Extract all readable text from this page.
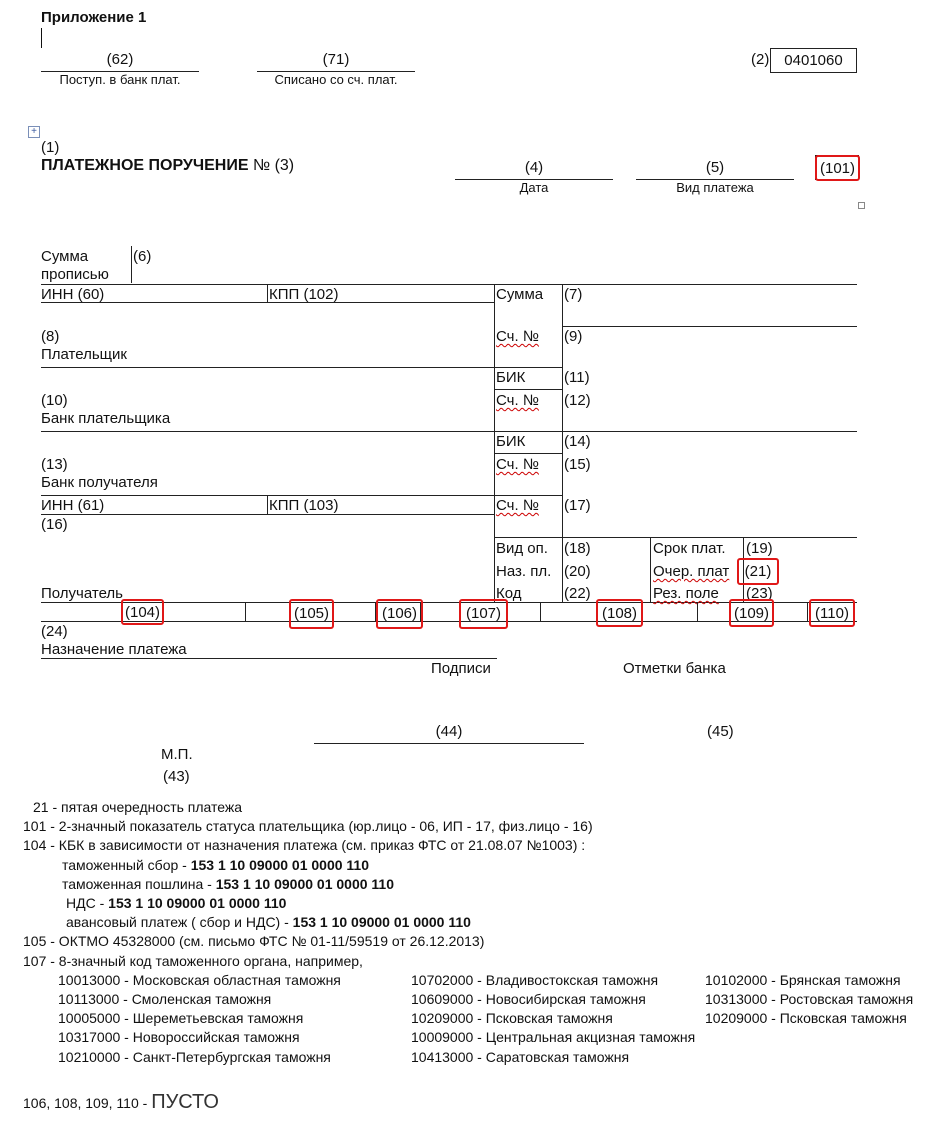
Приложение 1
(62)
Поступ. в банк плат.
(71)
Списано со сч. плат.
(2) 0401060
+
(1)
ПЛАТЕЖНОЕ ПОРУЧЕНИЕ № (3)	(4)
Дата
(5)
Вид платежа
(101)
Сумма
прописью
(6)
ИНН (60)	КПП (102)	Сумма (7)
(8)
Плательщик
Сч. № (9)
БИК	(11)
(10)
Банк плательщика
Сч. № (12)
БИК	(14)
(13)
Банк получателя
Сч. № (15)
ИНН (61)	КПП (103)	Сч. № (17)
(16)
Вид оп. (18)	Срок плат. (19)
Наз. пл. (20)	Очер. плат	(21)
Код	(22)	Рез. поле (23)
Получатель
(104)	(105)	(106)	(107)	(108)	(109)	(110)
(24)
Назначение платежа
Подписи	Отметки банка
(44)	(45)
М.П.
(43)
21 - пятая очередность платежа
101 - 2-значный показатель статуса плательщика (юр.лицо - 06, ИП - 17, физ.лицо - 16)
104 - КБК в зависимости от назначения платежа (см. приказ ФТС от 21.08.07 №1003) :
таможенный сбор - 153 1 10 09000 01 0000 110
таможенная пошлина - 153 1 10 09000 01 0000 110
НДС - 153 1 10 09000 01 0000 110
авансовый платеж ( сбор и НДС) - 153 1 10 09000 01 0000 110
105 - ОКТМО 45328000 (см. письмо ФТС № 01-11/59519 от 26.12.2013)
107 - 8-значный код таможенного органа, например,
10013000 - Московская областная таможня	10702000 - Владивостокская таможня	10102000 - Брянская таможня
10113000 - Смоленская таможня	10609000 - Новосибирская таможня	10313000 - Ростовская таможня
10005000 - Шереметьевская таможня	10209000 - Псковская таможня	10209000 - Псковская таможня
10317000 - Новороссийская таможня	10009000 - Центральная акцизная таможня
10210000 - Санкт-Петербургская таможня	10413000 - Саратовская таможня
106, 108, 109, 110 - ПУСТО
